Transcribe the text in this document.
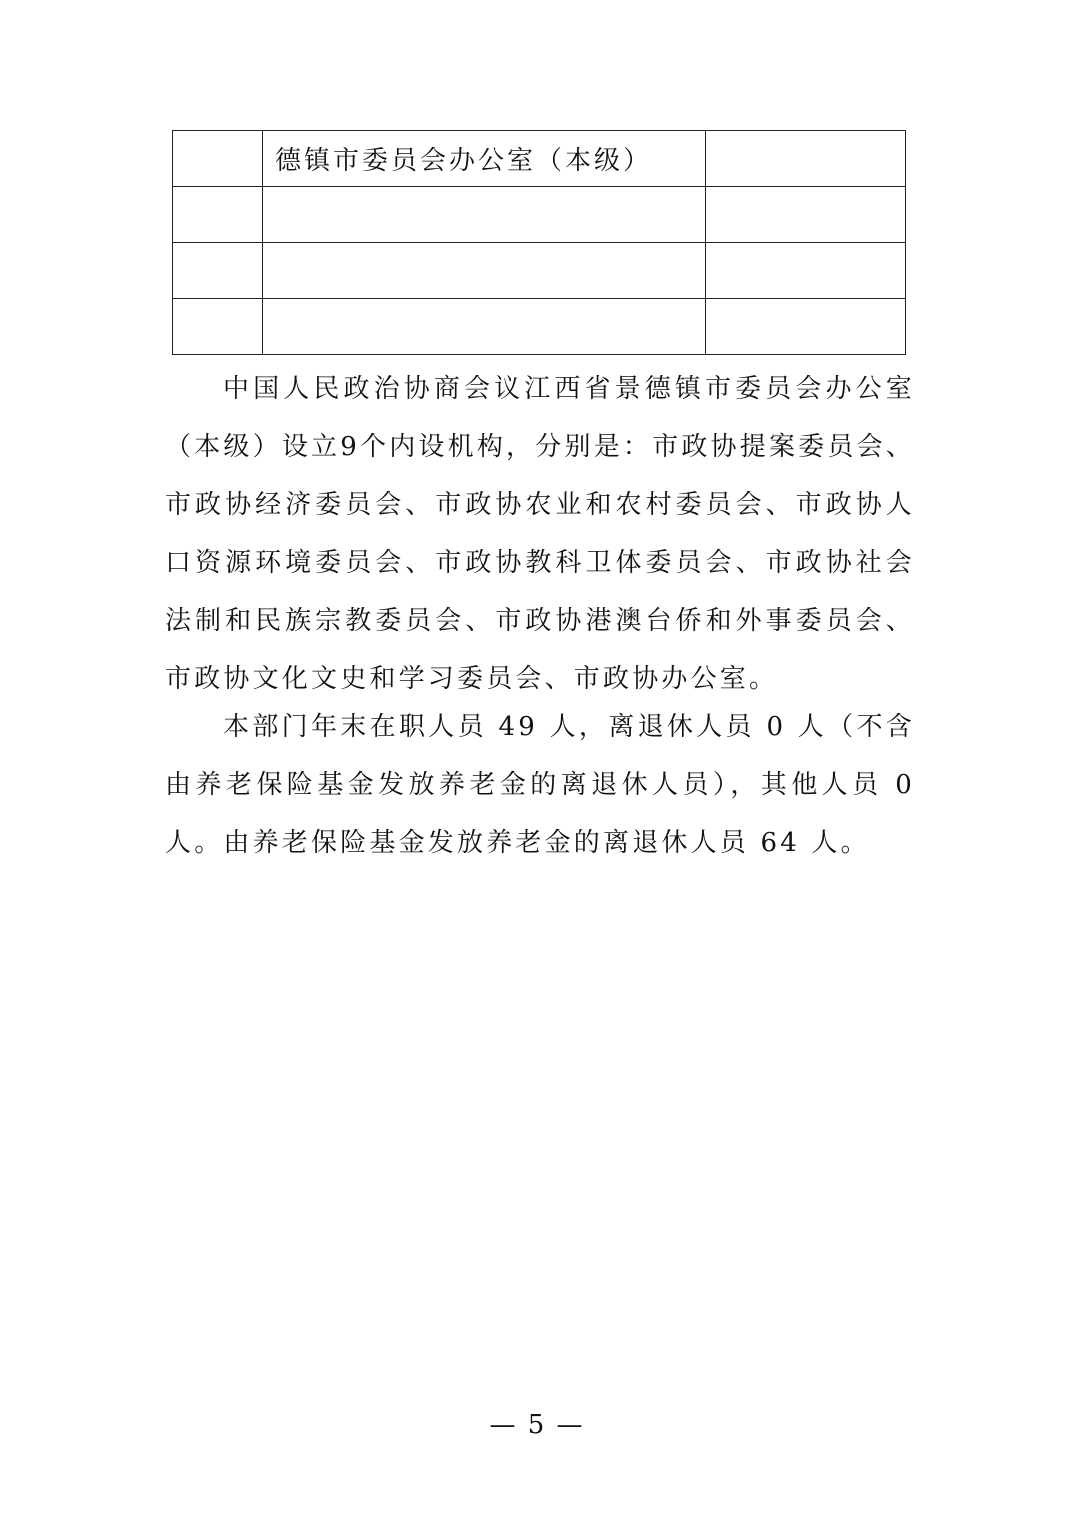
	德镇市委员会办公室（本级）	

中国人民政治协商会议江西省景德镇市委员会办公室（本级）设立9个内设机构，分别是：市政协提案委员会、市政协经济委员会、市政协农业和农村委员会、市政协人口资源环境委员会、市政协教科卫体委员会、市政协社会法制和民族宗教委员会、市政协港澳台侨和外事委员会、市政协文化文史和学习委员会、市政协办公室。

本部门年末在职人员 49 人，离退休人员 0 人（不含由养老保险基金发放养老金的离退休人员），其他人员 0 人。由养老保险基金发放养老金的离退休人员 64 人。

— 5 —
